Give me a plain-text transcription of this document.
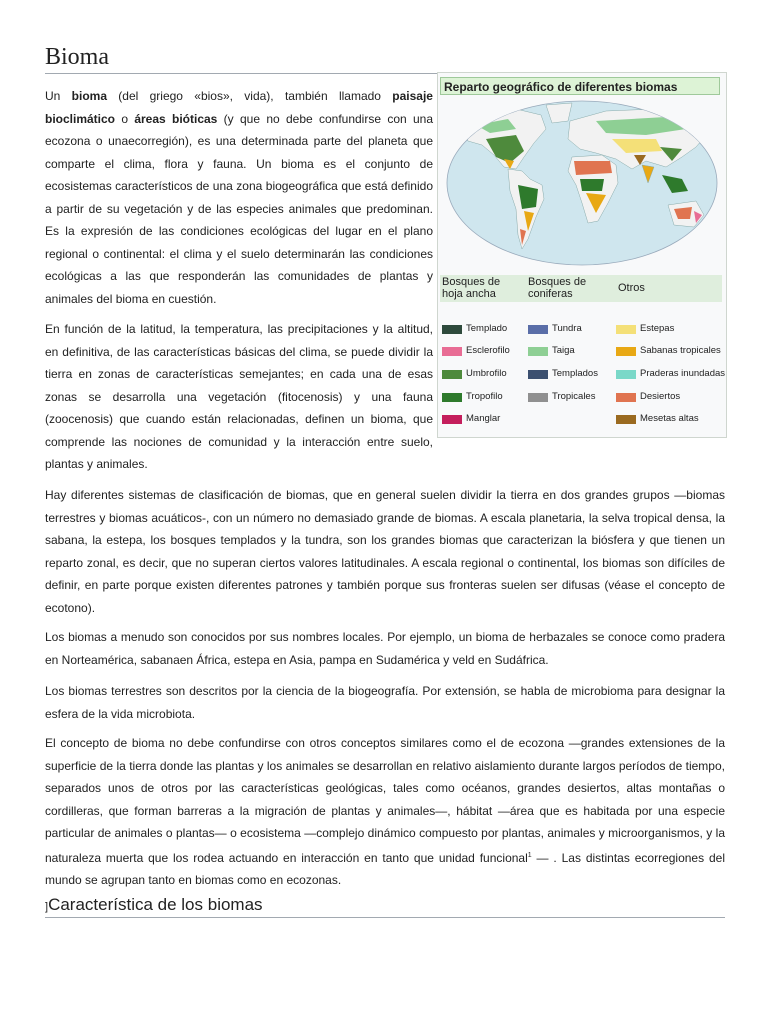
Bioma

Un bioma (del griego «bios», vida), también llamado paisaje bioclimático o áreas bióticas (y que no debe confundirse con una ecozona o unaecorregión), es una determinada parte del planeta que comparte el clima, flora y fauna. Un bioma es el conjunto de ecosistemas característicos de una zona biogeográfica que está definido a partir de su vegetación y de las especies animales que predominan. Es la expresión de las condiciones ecológicas del lugar en el plano regional o continental: el clima y el suelo determinarán las condiciones ecológicas a las que responderán las comunidades de plantas y animales del bioma en cuestión.

En función de la latitud, la temperatura, las precipitaciones y la altitud, en definitiva, de las características básicas del clima, se puede dividir la tierra en zonas de características semejantes; en cada una de esas zonas se desarrolla una vegetación (fitocenosis) y una fauna (zoocenosis) que cuando están relacionadas, definen un bioma, que comprende las nociones de comunidad y la interacción entre suelo, plantas y animales.

Reparto geográfico de diferentes biomas
Bosques de hoja ancha
Bosques de coniferas	Otros
Templado
Esclerofilo
Umbrofilo
Tropofilo
Manglar
Tundra
Taiga
Templados
Tropicales
Estepas
Sabanas tropicales
Praderas inundadas
Desiertos
Mesetas altas

Hay diferentes sistemas de clasificación de biomas, que en general suelen dividir la tierra en dos grandes grupos —biomas terrestres y biomas acuáticos-, con un número no demasiado grande de biomas. A escala planetaria, la selva tropical densa, la sabana, la estepa, los bosques templados y la tundra, son los grandes biomas que caracterizan la biósfera y que tienen un reparto zonal, es decir, que no superan ciertos valores latitudinales. A escala regional o continental, los biomas son difíciles de definir, en parte porque existen diferentes patrones y también porque sus fronteras suelen ser difusas (véase el concepto de ecotono).

Los biomas a menudo son conocidos por sus nombres locales. Por ejemplo, un bioma de herbazales se conoce como pradera en Norteamérica, sabanaen África, estepa en Asia, pampa en Sudamérica y veld en Sudáfrica.

Los biomas terrestres son descritos por la ciencia de la biogeografía. Por extensión, se habla de microbioma para designar la esfera de la vida microbiota.

El concepto de bioma no debe confundirse con otros conceptos similares como el de ecozona —grandes extensiones de la superficie de la tierra donde las plantas y los animales se desarrollan en relativo aislamiento durante largos períodos de tiempo, separados unos de otros por las características geológicas, tales como océanos, grandes desiertos, altas montañas o cordilleras, que forman barreras a la migración de plantas y animales—, hábitat —área que es habitada por una especie particular de animales o plantas— o ecosistema —complejo dinámico compuesto por plantas, animales y microorganismos, y la naturaleza muerta que los rodea actuando en interacción en tanto que unidad funcional$^1$ — . Las distintas ecorregiones del mundo se agrupan tanto en biomas como en ecozonas.

]Característica de los biomas
